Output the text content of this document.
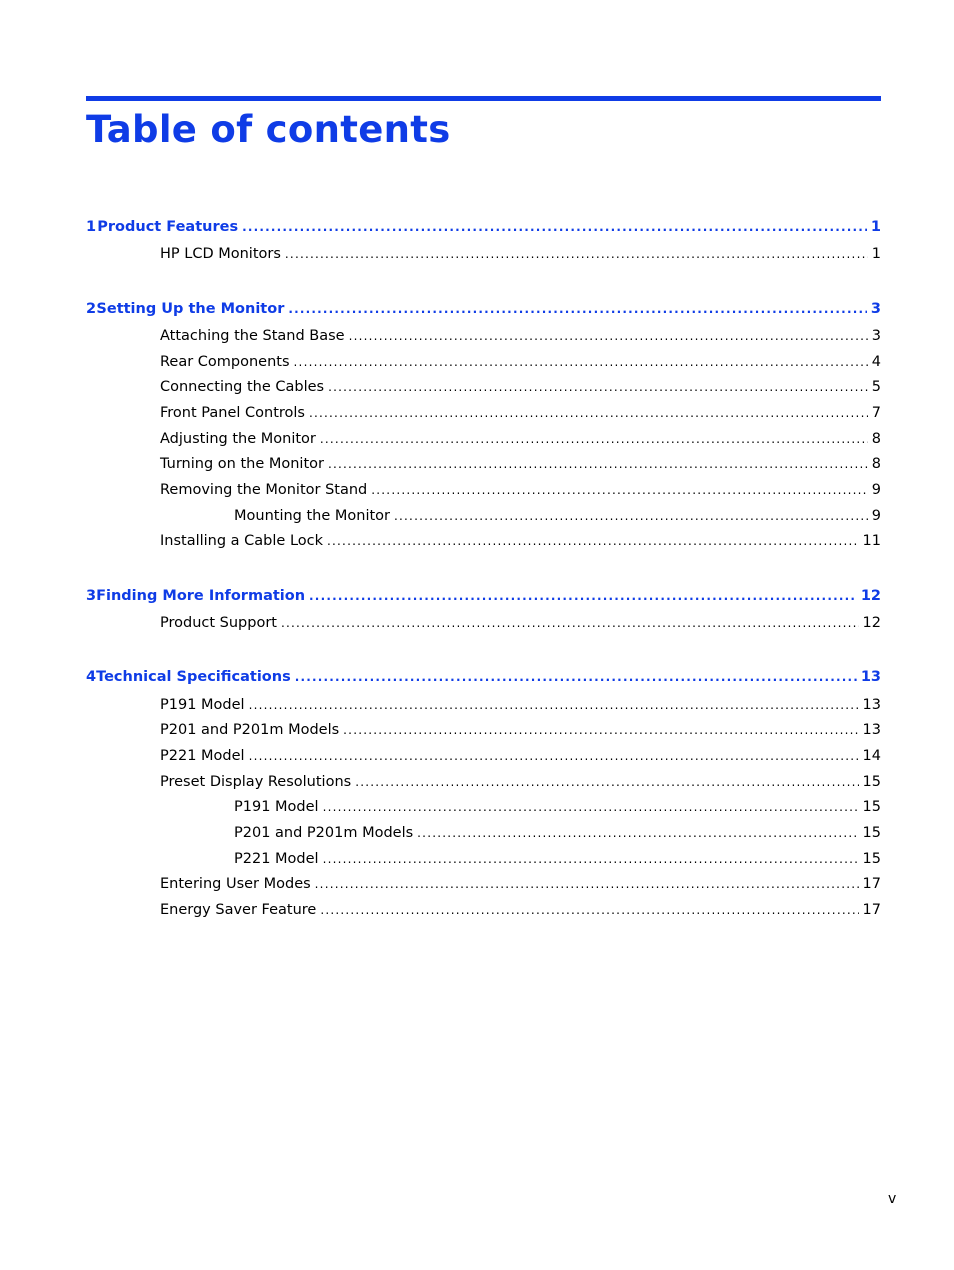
Table of contents
1 Product Features .....	1
HP LCD Monitors .....	1
2 Setting Up the Monitor .....	3
Attaching the Stand Base .....	3
Rear Components .....	4
Connecting the Cables .....	5
Front Panel Controls .....	7
Adjusting the Monitor .....	8
Turning on the Monitor .....	8
Removing the Monitor Stand .....	9
Mounting the Monitor .....	9
Installing a Cable Lock .....	11
3 Finding More Information .....	12
Product Support .....	12
4 Technical Specifications .....	13
P191 Model .....	13
P201 and P201m Models .....	13
P221 Model .....	14
Preset Display Resolutions .....	15
P191 Model .....	15
P201 and P201m Models .....	15
P221 Model .....	15
Entering User Modes .....	17
Energy Saver Feature .....	17
v
